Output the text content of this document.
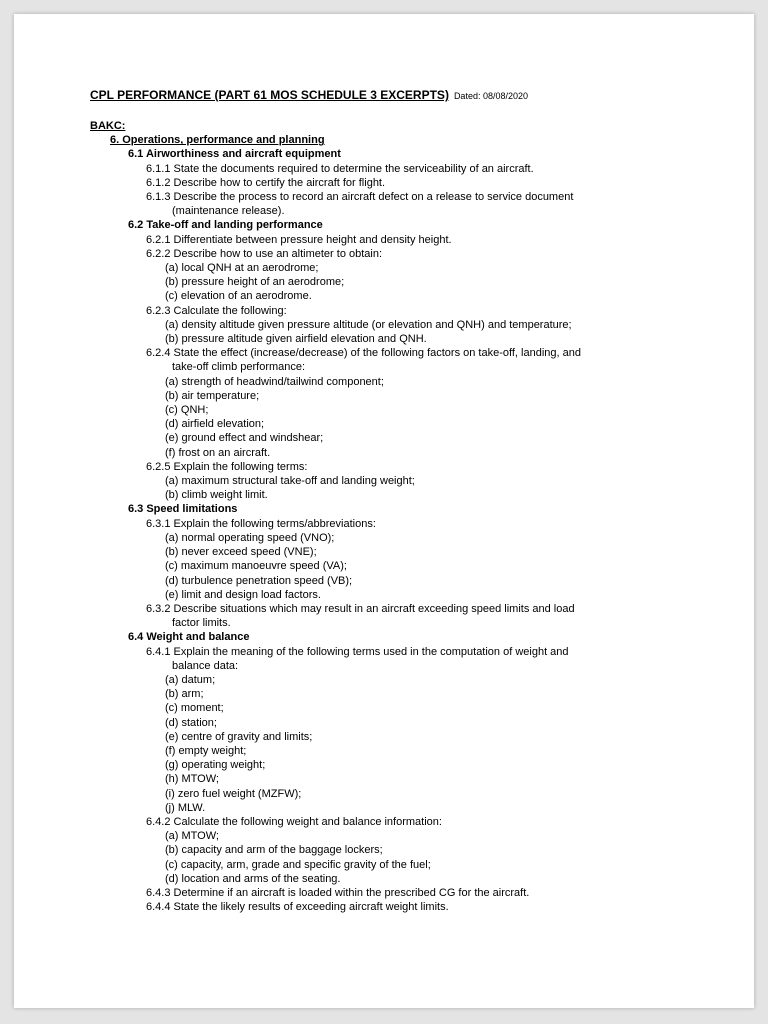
CPL PERFORMANCE (PART 61 MOS SCHEDULE 3 EXCERPTS) Dated: 08/08/2020
BAKC:
6. Operations, performance and planning
6.1 Airworthiness and aircraft equipment
6.1.1 State the documents required to determine the serviceability of an aircraft.
6.1.2 Describe how to certify the aircraft for flight.
6.1.3 Describe the process to record an aircraft defect on a release to service document
(maintenance release).
6.2 Take-off and landing performance
6.2.1 Differentiate between pressure height and density height.
6.2.2 Describe how to use an altimeter to obtain:
(a) local QNH at an aerodrome;
(b) pressure height of an aerodrome;
(c) elevation of an aerodrome.
6.2.3 Calculate the following:
(a) density altitude given pressure altitude (or elevation and QNH) and temperature;
(b) pressure altitude given airfield elevation and QNH.
6.2.4 State the effect (increase/decrease) of the following factors on take-off, landing, and
take-off climb performance:
(a) strength of headwind/tailwind component;
(b) air temperature;
(c) QNH;
(d) airfield elevation;
(e) ground effect and windshear;
(f) frost on an aircraft.
6.2.5 Explain the following terms:
(a) maximum structural take-off and landing weight;
(b) climb weight limit.
6.3 Speed limitations
6.3.1 Explain the following terms/abbreviations:
(a) normal operating speed (VNO);
(b) never exceed speed (VNE);
(c) maximum manoeuvre speed (VA);
(d) turbulence penetration speed (VB);
(e) limit and design load factors.
6.3.2 Describe situations which may result in an aircraft exceeding speed limits and load
factor limits.
6.4 Weight and balance
6.4.1 Explain the meaning of the following terms used in the computation of weight and
balance data:
(a) datum;
(b) arm;
(c) moment;
(d) station;
(e) centre of gravity and limits;
(f) empty weight;
(g) operating weight;
(h) MTOW;
(i) zero fuel weight (MZFW);
(j) MLW.
6.4.2 Calculate the following weight and balance information:
(a) MTOW;
(b) capacity and arm of the baggage lockers;
(c) capacity, arm, grade and specific gravity of the fuel;
(d) location and arms of the seating.
6.4.3 Determine if an aircraft is loaded within the prescribed CG for the aircraft.
6.4.4 State the likely results of exceeding aircraft weight limits.
